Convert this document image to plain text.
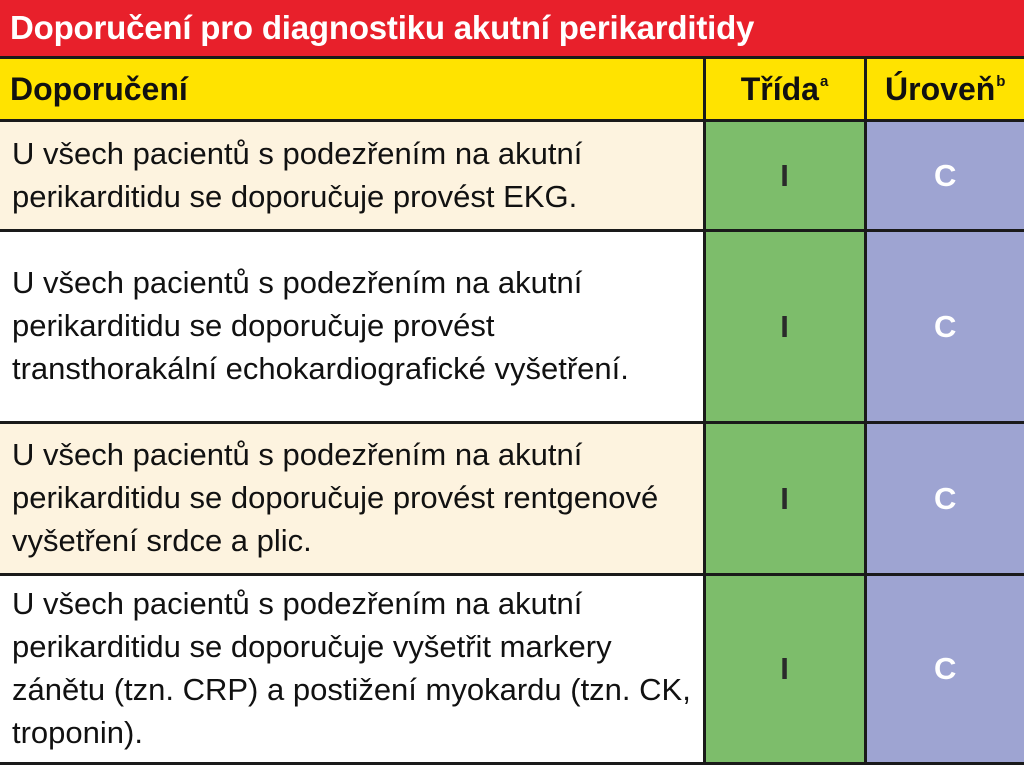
Doporučení pro diagnostiku akutní perikarditidy
Doporučení	Třída$^a$	Úroveň$^b$
U všech pacientů s podezřením na akutní perikarditidu se doporučuje provést EKG.	I	C
U všech pacientů s podezřením na akutní perikarditidu se doporučuje provést transthorakální echokardiografické vyšetření.	I	C
U všech pacientů s podezřením na akutní perikarditidu se doporučuje provést rentgenové vyšetření srdce a plic.	I	C
U všech pacientů s podezřením na akutní perikarditidu se doporučuje vyšetřit markery zánětu (tzn. CRP) a postižení myokardu (tzn. CK, troponin).	I	C
